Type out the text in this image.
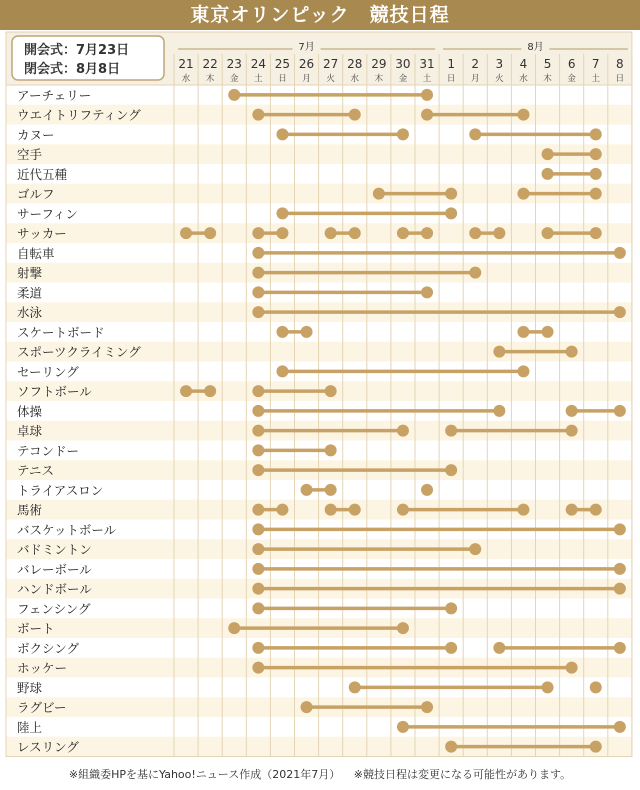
東京オリンピック　競技日程
開会式：7月23日
閉会式：8月8日
7月	8月
21
水
22
木
23
金
24
土
25
日
26
月
27
火
28
水
29
木
30
金
31
土
1
日
2
月
3
火
4
水
5
木
6
金
7
土
8
日
アーチェリー
ウエイトリフティング
カヌー
空手
近代五種
ゴルフ
サーフィン
サッカー
自転車
射撃
柔道
水泳
スケートボード
スポーツクライミング
セーリング
ソフトボール
体操
卓球
テコンドー
テニス
トライアスロン
馬術
バスケットボール
バドミントン
バレーボール
ハンドボール
フェンシング
ボート
ボクシング
ホッケー
野球
ラグビー
陸上
レスリング
※組織委HPを基にYahoo!ニュース作成（2021年7月） ※競技日程は変更になる可能性があります。
